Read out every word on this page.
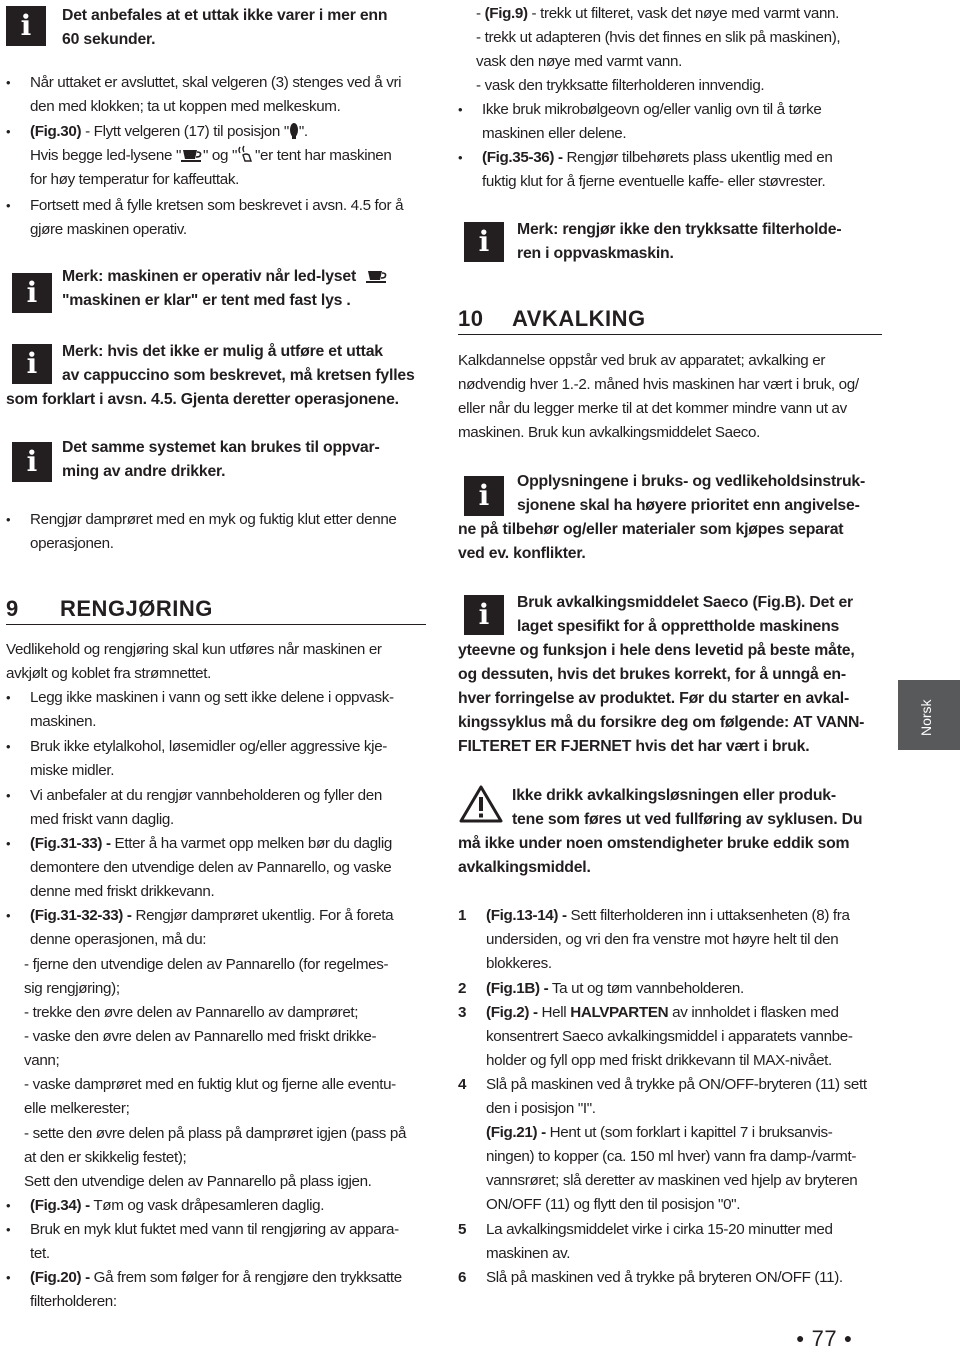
i	Det anbefales at et uttak ikke varer i mer enn
60 sekunder.
• Når uttaket er avsluttet, skal velgeren (3) stenges ved å vri
den med klokken; ta ut koppen med melkeskum.
• (Fig.30) - Flytt velgeren (17) til posisjon " ".
Hvis begge led-lysene " " og " "er tent har maskinen
for høy temperatur for kaffeuttak.
• Fortsett med å fylle kretsen som beskrevet i avsn. 4.5 for å
gjøre maskinen operativ.
i	Merk: maskinen er operativ når led-lyset
"maskinen er klar" er tent med fast lys .
i	Merk: hvis det ikke er mulig å utføre et uttak
av cappuccino som beskrevet, må kretsen fylles
som forklart i avsn. 4.5. Gjenta deretter operasjonene.
i	Det samme systemet kan brukes til oppvar-
ming av andre drikker.
• Rengjør damprøret med en myk og fuktig klut etter denne
operasjonen.
9 RENGJØRING
Vedlikehold og rengjøring skal kun utføres når maskinen er
avkjølt og koblet fra strømnettet.
• Legg ikke maskinen i vann og sett ikke delene i oppvask-
maskinen.
• Bruk ikke etylalkohol, løsemidler og/eller aggressive kje-
miske midler.
• Vi anbefaler at du rengjør vannbeholderen og fyller den
med friskt vann daglig.
• (Fig.31-33) - Etter å ha varmet opp melken bør du daglig
demontere den utvendige delen av Pannarello, og vaske
denne med friskt drikkevann.
• (Fig.31-32-33) - Rengjør damprøret ukentlig. For å foreta
denne operasjonen, må du:
- fjerne den utvendige delen av Pannarello (for regelmes-
sig rengjøring);
- trekke den øvre delen av Pannarello av damprøret;
- vaske den øvre delen av Pannarello med friskt drikke-
vann;
- vaske damprøret med en fuktig klut og fjerne alle eventu-
elle melkerester;
- sette den øvre delen på plass på damprøret igjen (pass på
at den er skikkelig festet);
Sett den utvendige delen av Pannarello på plass igjen.
• (Fig.34) - Tøm og vask dråpesamleren daglig.
• Bruk en myk klut fuktet med vann til rengjøring av appara-
tet.
• (Fig.20) - Gå frem som følger for å rengjøre den trykksatte
filterholderen:
- (Fig.9) - trekk ut filteret, vask det nøye med varmt vann.
- trekk ut adapteren (hvis det finnes en slik på maskinen),
vask den nøye med varmt vann.
- vask den trykksatte filterholderen innvendig.
• Ikke bruk mikrobølgeovn og/eller vanlig ovn til å tørke
maskinen eller delene.
• (Fig.35-36) - Rengjør tilbehørets plass ukentlig med en
fuktig klut for å fjerne eventuelle kaffe- eller støvrester.
i	Merk: rengjør ikke den trykksatte filterholde-
ren i oppvaskmaskin.
10 AVKALKING
Kalkdannelse oppstår ved bruk av apparatet; avkalking er
nødvendig hver 1.-2. måned hvis maskinen har vært i bruk, og/
eller når du legger merke til at det kommer mindre vann ut av
maskinen. Bruk kun avkalkingsmiddelet Saeco.
i	Opplysningene i bruks- og vedlikeholdsinstruk-
sjonene skal ha høyere prioritet enn angivelse-
ne på tilbehør og/eller materialer som kjøpes separat
ved ev. konflikter.
i	Bruk avkalkingsmiddelet Saeco (Fig.B). Det er
laget spesifikt for å opprettholde maskinens
yteevne og funksjon i hele dens levetid på beste måte,
og dessuten, hvis det brukes korrekt, for å unngå en-
hver forringelse av produktet. Før du starter en avkal-
kingssyklus må du forsikre deg om følgende: AT VANN-
FILTERET ER FJERNET hvis det har vært i bruk.
Ikke drikk avkalkingsløsningen eller produk-
tene som føres ut ved fullføring av syklusen. Du
må ikke under noen omstendigheter bruke eddik som
avkalkingsmiddel.
1 (Fig.13-14) - Sett filterholderen inn i uttaksenheten (8) fra
undersiden, og vri den fra venstre mot høyre helt til den
blokkeres.
2 (Fig.1B) - Ta ut og tøm vannbeholderen.
3 (Fig.2) - Hell HALVPARTEN av innholdet i flasken med
konsentrert Saeco avkalkingsmiddel i apparatets vannbe-
holder og fyll opp med friskt drikkevann til MAX-nivået.
4 Slå på maskinen ved å trykke på ON/OFF-bryteren (11) sett
den i posisjon "I".
(Fig.21) - Hent ut (som forklart i kapittel 7 i bruksanvis-
ningen) to kopper (ca. 150 ml hver) vann fra damp-/varmt-
vannsrøret; slå deretter av maskinen ved hjelp av bryteren
ON/OFF (11) og flytt den til posisjon "0".
5 La avkalkingsmiddelet virke i cirka 15-20 minutter med
maskinen av.
6 Slå på maskinen ved å trykke på bryteren ON/OFF (11).
Norsk
● 77 ●
